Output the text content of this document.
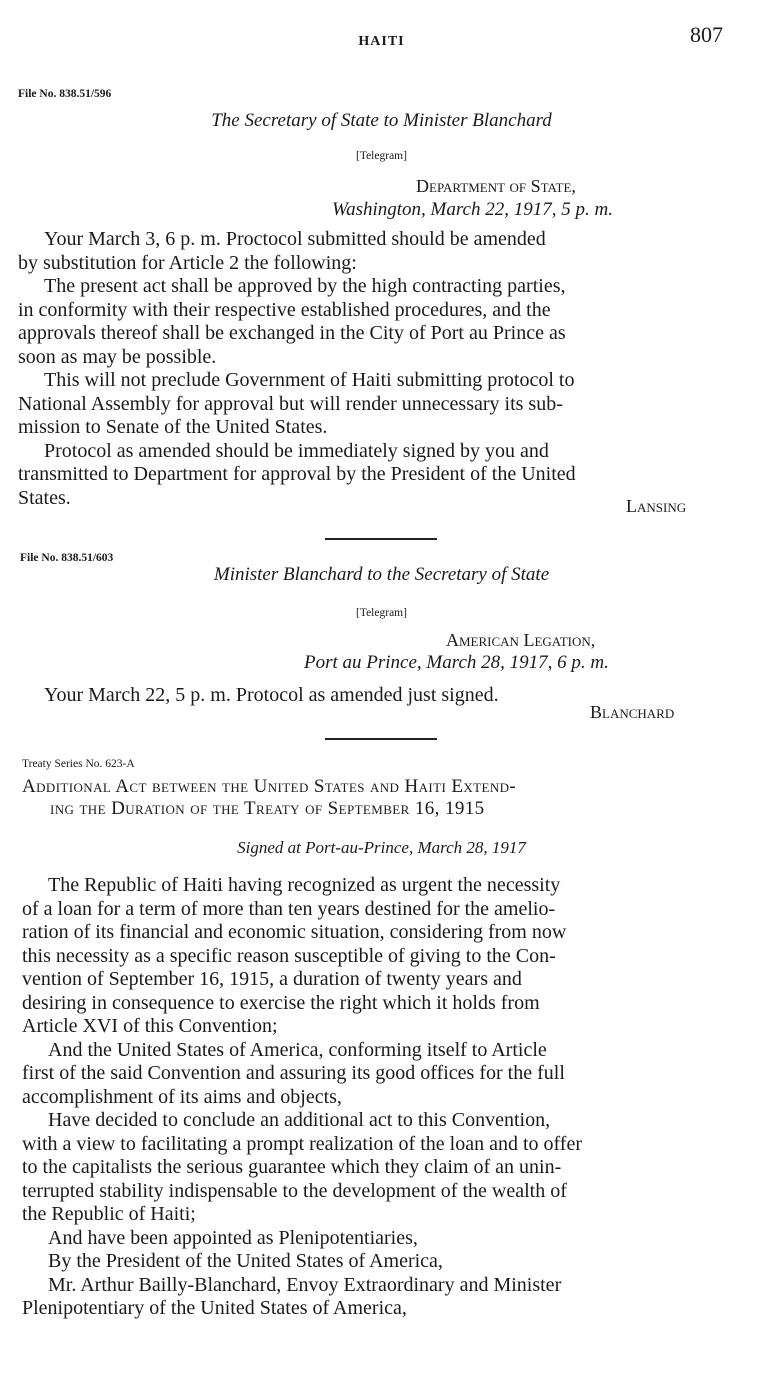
HAITI	807
File No. 838.51/596
The Secretary of State to Minister Blanchard
[Telegram]
Department of State,
Washington, March 22, 1917, 5 p. m.

Your March 3, 6 p. m. Proctocol submitted should be amended

by substitution for Article 2 the following:

The present act shall be approved by the high contracting parties,

in conformity with their respective established procedures, and the

approvals thereof shall be exchanged in the City of Port au Prince as

soon as may be possible.

This will not preclude Government of Haiti submitting protocol to

National Assembly for approval but will render unnecessary its sub-

mission to Senate of the United States.

Protocol as amended should be immediately signed by you and

transmitted to Department for approval by the President of the United

States.	Lansing
File No. 838.51/603
Minister Blanchard to the Secretary of State
[Telegram]
American Legation,
Port au Prince, March 28, 1917, 6 p. m.
Your March 22, 5 p. m. Protocol as amended just signed.
Blanchard
Treaty Series No. 623-A
Additional Act between the United States and Haiti Extend-
ing the Duration of the Treaty of September 16, 1915
Signed at Port-au-Prince, March 28, 1917

The Republic of Haiti having recognized as urgent the necessity

of a loan for a term of more than ten years destined for the amelio-

ration of its financial and economic situation, considering from now

this necessity as a specific reason susceptible of giving to the Con-

vention of September 16, 1915, a duration of twenty years and

desiring in consequence to exercise the right which it holds from

Article XVI of this Convention;

And the United States of America, conforming itself to Article

first of the said Convention and assuring its good offices for the full

accomplishment of its aims and objects,

Have decided to conclude an additional act to this Convention,

with a view to facilitating a prompt realization of the loan and to offer

to the capitalists the serious guarantee which they claim of an unin-

terrupted stability indispensable to the development of the wealth of

the Republic of Haiti;

And have been appointed as Plenipotentiaries,

By the President of the United States of America,

Mr. Arthur Bailly-Blanchard, Envoy Extraordinary and Minister

Plenipotentiary of the United States of America,
